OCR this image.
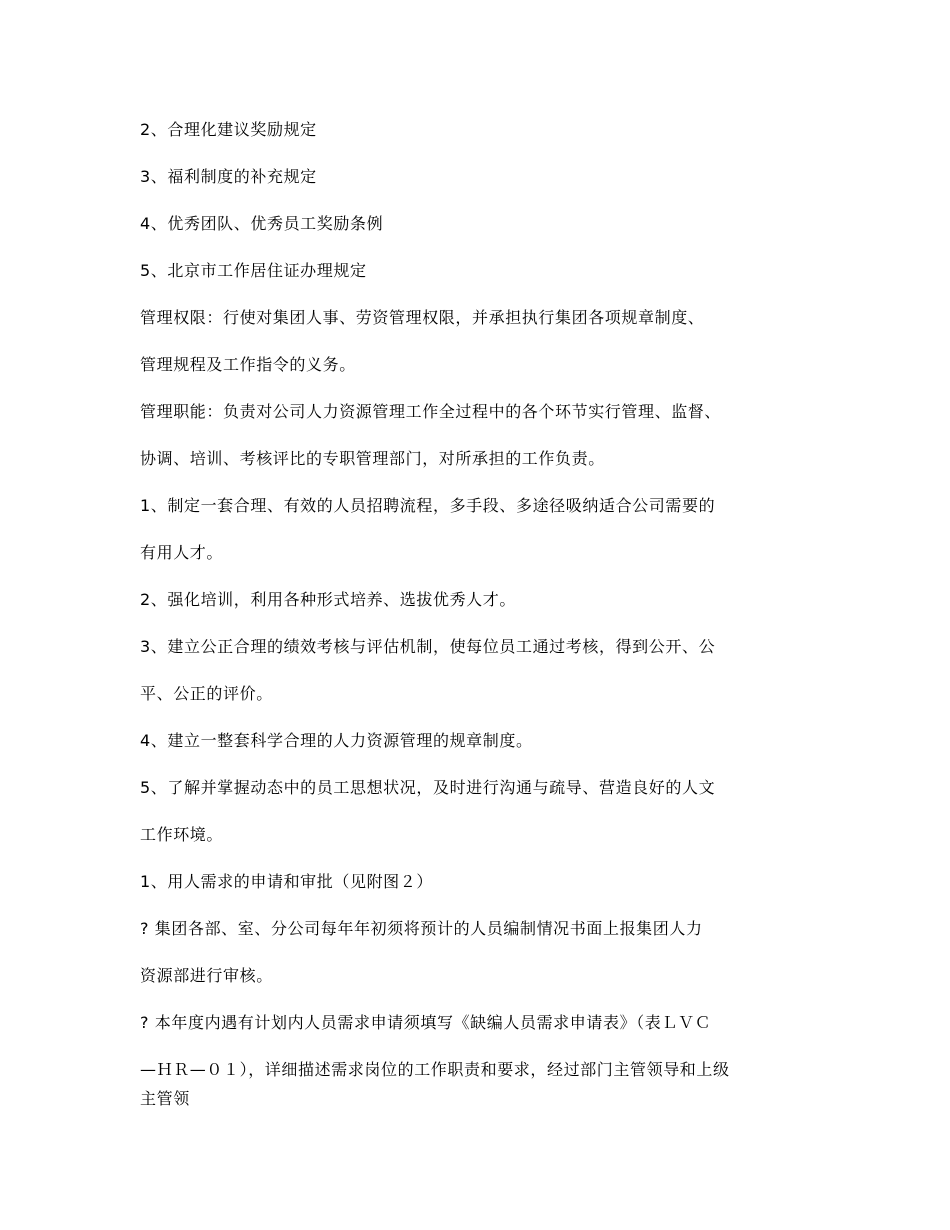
2、合理化建议奖励规定
3、福利制度的补充规定
4、优秀团队、优秀员工奖励条例
5、北京市工作居住证办理规定
管理权限：行使对集团人事、劳资管理权限，并承担执行集团各项规章制度、
管理规程及工作指令的义务。
管理职能：负责对公司人力资源管理工作全过程中的各个环节实行管理、监督、
协调、培训、考核评比的专职管理部门，对所承担的工作负责。
1、制定一套合理、有效的人员招聘流程，多手段、多途径吸纳适合公司需要的
有用人才。
2、强化培训，利用各种形式培养、选拔优秀人才。
3、建立公正合理的绩效考核与评估机制，使每位员工通过考核，得到公开、公
平、公正的评价。
4、建立一整套科学合理的人力资源管理的规章制度。
5、了解并掌握动态中的员工思想状况，及时进行沟通与疏导、营造良好的人文
工作环境。
1、用人需求的申请和审批（见附图２）
? 集团各部、室、分公司每年年初须将预计的人员编制情况书面上报集团人力
资源部进行审核。
? 本年度内遇有计划内人员需求申请须填写《缺编人员需求申请表》（表ＬＶＣ
—ＨＲ—０１），详细描述需求岗位的工作职责和要求，经过部门主管领导和上级
主管领
